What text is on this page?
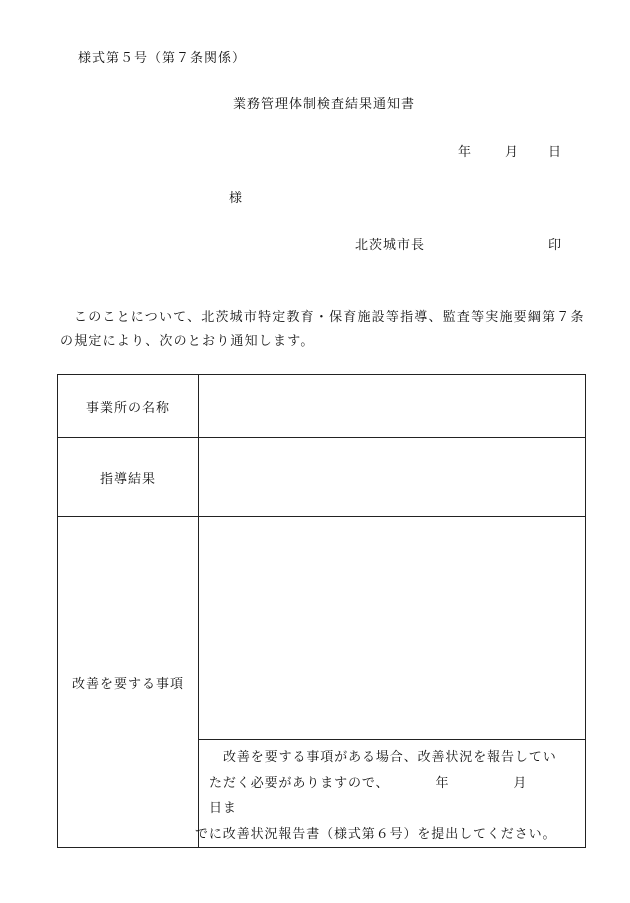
様式第５号（第７条関係）
業務管理体制検査結果通知書
年	月 日
様
北茨城市長	印
このことについて、北茨城市特定教育・保育施設等指導、監査等実施要綱第７条の規定により、次のとおり通知します。
事業所の名称	
指導結果	
改善を要する事項	改善を要する事項がある場合、改善状況を報告してい
ただく必要がありますので、 年 月日ま
でに改善状況報告書（様式第６号）を提出してください。
